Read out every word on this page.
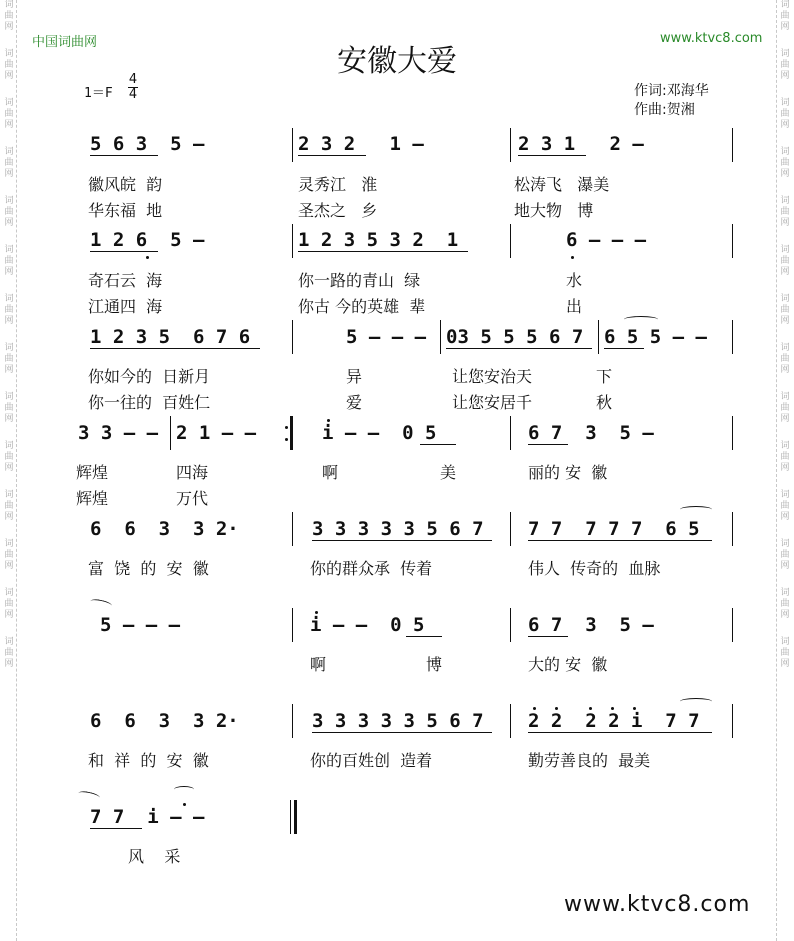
词
曲
网
词
曲
网
词
曲
网
词
曲
网
词
曲
网
词
曲
网
词
曲
网
词
曲
网
词
曲
网
词
曲
网
词
曲
网
词
曲
网
词
曲
网
词
曲
网
词
曲
网
词
曲
网
词
曲
网
词
曲
网
词
曲
网
词
曲
网
词
曲
网
词
曲
网
词
曲
网
词
曲
网
词
曲
网
词
曲
网
词
曲
网
词
曲
网
中国词曲网	www.ktvc8.com
安徽大爱
1＝F
4
4	作词:邓海华
作曲:贺湘
5 6 3  5 –	2 3 2   1 –	2 3 1   2 –
徽风皖  韵	灵秀江   淮	松涛飞   瀑美
华东福  地	圣杰之   乡	地大物   博
1 2 6  5 –	1 2 3 5 3 2  1	6 – – –
奇石云  海	你一路的青山  绿	水
江通四  海	你古 今的英雄  辈	出
1 2 3 5  6 7 6	5 – – – 03 5 5 5 6 7 6 5 5 – –
你如今的  日新月	异	让您安治天	下
你一往的  百姓仁	爱	让您安居千	秋
3 3 – – 2 1 – –	i – –  0 5	6 7  3  5 –
辉煌	四海	啊	美	丽的 安  徽
辉煌	万代
6  6  3  3 2·	3 3 3 3 3 5 6 7 7 7  7 7 7  6 5
富  饶  的  安  徽	你的群众承  传着	伟人  传奇的  血脉
5 – – –	i – –  0 5	6 7  3  5 –
啊	博	大的 安  徽
6  6  3  3 2·	3 3 3 3 3 5 6 7 2 2  2 2 i  7 7
和  祥  的  安  徽	你的百姓创  造着	勤劳善良的  最美
7 7  i – –
风    采
www.ktvc8.com
